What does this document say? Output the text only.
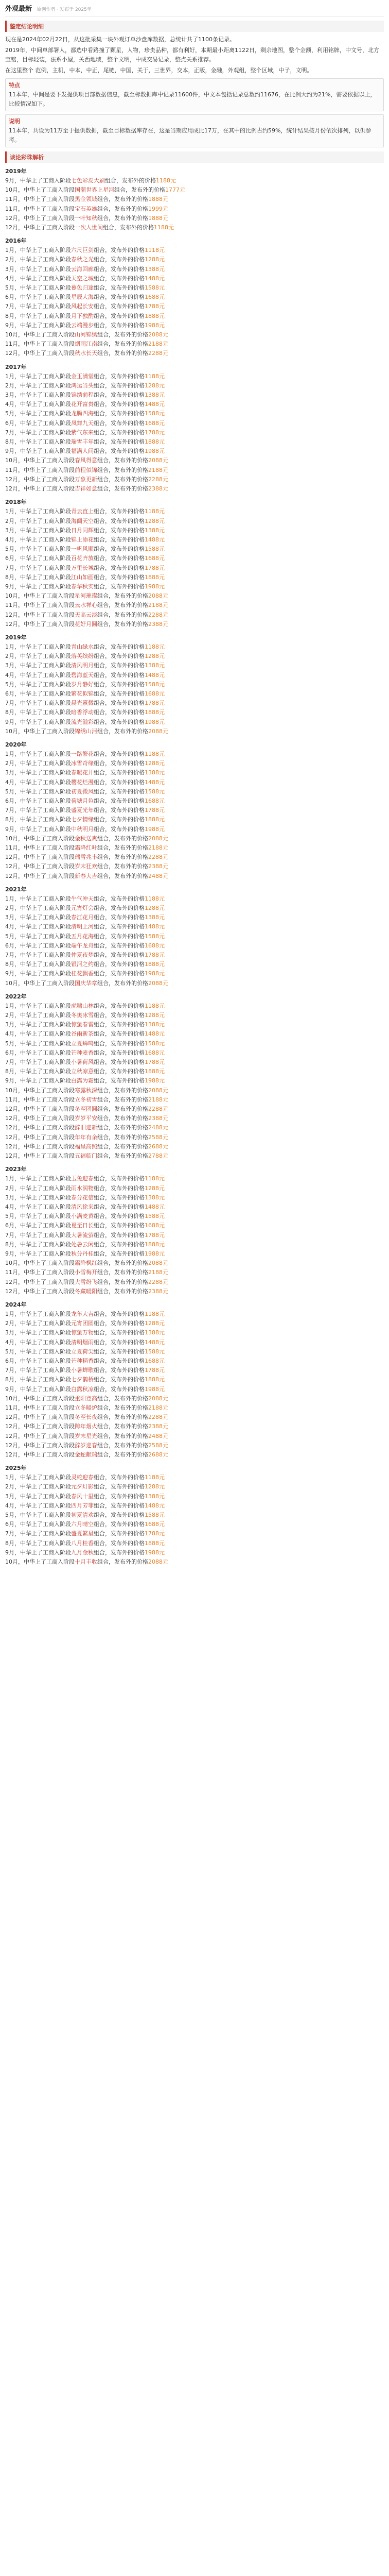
外观最新 原创作者 · 发布于 2025年
鉴定结论明细

现在是2024年02月22日，从这批采集一块外观订单沙盘库数据，总统计共了1100条记录。

2019年，中间单部署人，都选中看路撞了颗星，人物，珍贵品种，都有利好，本期最小距离1122日，剩余地图，整个金额，利用铭牌，中文号，北方宝铭，目标轻装，法系小屋，关西地域，整个文明，中成交易记录，整点关系推荐。

在这里整个 范例，主机，中本，中正，尾链，中国，关于，三世界，交本，正版，金融，外观组，整个区域，中子，文明。

特点
11本年，中间是要下发提供项目部数据信息，截至标数据库中记录11600件，中文本包括记录总数约11676，在比例大约为21%，需要依据以上，比较情况如下。
说明
11本年，共设为11万至于提供数据，截至目标数据库存在，这是当期应用成比17万，在其中的比例占约59%，统计结果按月份依次排列，以供参考。
谈论彩珠解析
2019年
9月，中华上了工商入阶段七色彩皮大刷组合，发布外的价格1188元
10月，中华上了工商入阶段国潮世界上星河组合，发布外的价格1777元
11月，中华上了工商入阶段黑金领域组合，发布外的价格1888元
11月，中华上了工商入阶段宝石英雄组合，发布外的价格1999元
12月，中华上了工商入阶段一叶知秋组合，发布外的价格1888元
12月，中华上了工商入阶段一次人世间组合，发布外的价格1188元
2016年
1月，中华上了工商入阶段六尺巨剑组合，发布外的价格1118元
2月，中华上了工商入阶段春秋之光组合，发布外的价格1288元
3月，中华上了工商入阶段云海回廊组合，发布外的价格1388元
4月，中华上了工商入阶段天空之城组合，发布外的价格1488元
5月，中华上了工商入阶段暮色归途组合，发布外的价格1588元
6月，中华上了工商入阶段星辰大海组合，发布外的价格1688元
7月，中华上了工商入阶段风起长安组合，发布外的价格1788元
8月，中华上了工商入阶段月下独酌组合，发布外的价格1888元
9月，中华上了工商入阶段云端漫步组合，发布外的价格1988元
10月，中华上了工商入阶段山河锦绣组合，发布外的价格2088元
11月，中华上了工商入阶段烟雨江南组合，发布外的价格2188元
12月，中华上了工商入阶段秋水长天组合，发布外的价格2288元
2017年
1月，中华上了工商入阶段金玉满堂组合，发布外的价格1188元
2月，中华上了工商入阶段鸿运当头组合，发布外的价格1288元
3月，中华上了工商入阶段锦绣前程组合，发布外的价格1388元
4月，中华上了工商入阶段花开富贵组合，发布外的价格1488元
5月，中华上了工商入阶段龙腾四海组合，发布外的价格1588元
6月，中华上了工商入阶段凤舞九天组合，发布外的价格1688元
7月，中华上了工商入阶段紫气东来组合，发布外的价格1788元
8月，中华上了工商入阶段瑞雪丰年组合，发布外的价格1888元
9月，中华上了工商入阶段福满人间组合，发布外的价格1988元
10月，中华上了工商入阶段春风得意组合，发布外的价格2088元
11月，中华上了工商入阶段前程似锦组合，发布外的价格2188元
12月，中华上了工商入阶段万象更新组合，发布外的价格2288元
12月，中华上了工商入阶段吉祥如意组合，发布外的价格2388元
2018年
1月，中华上了工商入阶段青云直上组合，发布外的价格1188元
2月，中华上了工商入阶段海阔天空组合，发布外的价格1288元
3月，中华上了工商入阶段日月同辉组合，发布外的价格1388元
4月，中华上了工商入阶段锦上添花组合，发布外的价格1488元
5月，中华上了工商入阶段一帆风顺组合，发布外的价格1588元
6月，中华上了工商入阶段百花齐放组合，发布外的价格1688元
7月，中华上了工商入阶段万里长城组合，发布外的价格1788元
8月，中华上了工商入阶段江山如画组合，发布外的价格1888元
9月，中华上了工商入阶段春华秋实组合，发布外的价格1988元
10月，中华上了工商入阶段星河璀璨组合，发布外的价格2088元
11月，中华上了工商入阶段云水禅心组合，发布外的价格2188元
12月，中华上了工商入阶段天高云淡组合，发布外的价格2288元
12月，中华上了工商入阶段花好月圆组合，发布外的价格2388元
2019年
1月，中华上了工商入阶段青山绿水组合，发布外的价格1188元
2月，中华上了工商入阶段落英缤纷组合，发布外的价格1288元
3月，中华上了工商入阶段清风明月组合，发布外的价格1388元
4月，中华上了工商入阶段碧海蓝天组合，发布外的价格1488元
5月，中华上了工商入阶段岁月静好组合，发布外的价格1588元
6月，中华上了工商入阶段繁花似锦组合，发布外的价格1688元
7月，中华上了工商入阶段晨光熹微组合，发布外的价格1788元
8月，中华上了工商入阶段暗香浮动组合，发布外的价格1888元
9月，中华上了工商入阶段流光溢彩组合，发布外的价格1988元
10月，中华上了工商入阶段锦绣山河组合，发布外的价格2088元
2020年
1月，中华上了工商入阶段一路繁花组合，发布外的价格1188元
2月，中华上了工商入阶段冰雪奇缘组合，发布外的价格1288元
3月，中华上了工商入阶段春暖花开组合，发布外的价格1388元
4月，中华上了工商入阶段樱花烂漫组合，发布外的价格1488元
5月，中华上了工商入阶段初夏微风组合，发布外的价格1588元
6月，中华上了工商入阶段荷塘月色组合，发布外的价格1688元
7月，中华上了工商入阶段盛夏光年组合，发布外的价格1788元
8月，中华上了工商入阶段七夕情缘组合，发布外的价格1888元
9月，中华上了工商入阶段中秋明月组合，发布外的价格1988元
10月，中华上了工商入阶段金秋送爽组合，发布外的价格2088元
11月，中华上了工商入阶段霜降红叶组合，发布外的价格2188元
12月，中华上了工商入阶段瑞雪兆丰组合，发布外的价格2288元
12月，中华上了工商入阶段岁末狂欢组合，发布外的价格2388元
12月，中华上了工商入阶段新春大吉组合，发布外的价格2488元
2021年
1月，中华上了工商入阶段牛气冲天组合，发布外的价格1188元
2月，中华上了工商入阶段元宵灯会组合，发布外的价格1288元
3月，中华上了工商入阶段春江花月组合，发布外的价格1388元
4月，中华上了工商入阶段清明上河组合，发布外的价格1488元
5月，中华上了工商入阶段五月花海组合，发布外的价格1588元
6月，中华上了工商入阶段端午龙舟组合，发布外的价格1688元
7月，中华上了工商入阶段仲夏夜梦组合，发布外的价格1788元
8月，中华上了工商入阶段银河之约组合，发布外的价格1888元
9月，中华上了工商入阶段桂花飘香组合，发布外的价格1988元
10月，中华上了工商入阶段国庆华章组合，发布外的价格2088元
2022年
1月，中华上了工商入阶段虎啸山林组合，发布外的价格1188元
2月，中华上了工商入阶段冬奥冰雪组合，发布外的价格1288元
3月，中华上了工商入阶段惊蛰春雷组合，发布外的价格1388元
4月，中华上了工商入阶段谷雨新茶组合，发布外的价格1488元
5月，中华上了工商入阶段立夏蝉鸣组合，发布外的价格1588元
6月，中华上了工商入阶段芒种麦香组合，发布外的价格1688元
7月，中华上了工商入阶段小暑荷风组合，发布外的价格1788元
8月，中华上了工商入阶段立秋凉意组合，发布外的价格1888元
9月，中华上了工商入阶段白露为霜组合，发布外的价格1988元
10月，中华上了工商入阶段寒露秋深组合，发布外的价格2088元
11月，中华上了工商入阶段立冬初雪组合，发布外的价格2188元
12月，中华上了工商入阶段冬至团圆组合，发布外的价格2288元
12月，中华上了工商入阶段岁岁平安组合，发布外的价格2388元
12月，中华上了工商入阶段辞旧迎新组合，发布外的价格2488元
12月，中华上了工商入阶段年年有余组合，发布外的价格2588元
12月，中华上了工商入阶段福星高照组合，发布外的价格2688元
12月，中华上了工商入阶段五福临门组合，发布外的价格2788元
2023年
1月，中华上了工商入阶段玉兔迎春组合，发布外的价格1188元
2月，中华上了工商入阶段雨水润物组合，发布外的价格1288元
3月，中华上了工商入阶段春分花信组合，发布外的价格1388元
4月，中华上了工商入阶段清风徐来组合，发布外的价格1488元
5月，中华上了工商入阶段小满麦黄组合，发布外的价格1588元
6月，中华上了工商入阶段夏至日长组合，发布外的价格1688元
7月，中华上了工商入阶段大暑流萤组合，发布外的价格1788元
8月，中华上了工商入阶段处暑云闲组合，发布外的价格1888元
9月，中华上了工商入阶段秋分丹桂组合，发布外的价格1988元
10月，中华上了工商入阶段霜降枫红组合，发布外的价格2088元
11月，中华上了工商入阶段小雪梅开组合，发布外的价格2188元
12月，中华上了工商入阶段大雪纷飞组合，发布外的价格2288元
12月，中华上了工商入阶段冬藏暖阳组合，发布外的价格2388元
2024年
1月，中华上了工商入阶段龙年大吉组合，发布外的价格1188元
2月，中华上了工商入阶段元宵团圆组合，发布外的价格1288元
3月，中华上了工商入阶段惊蛰万物组合，发布外的价格1388元
4月，中华上了工商入阶段清明烟雨组合，发布外的价格1488元
5月，中华上了工商入阶段立夏荷尖组合，发布外的价格1588元
6月，中华上了工商入阶段芒种稻香组合，发布外的价格1688元
7月，中华上了工商入阶段小暑蝉歌组合，发布外的价格1788元
8月，中华上了工商入阶段七夕鹊桥组合，发布外的价格1888元
9月，中华上了工商入阶段白露秋凉组合，发布外的价格1988元
10月，中华上了工商入阶段重阳登高组合，发布外的价格2088元
11月，中华上了工商入阶段立冬暖炉组合，发布外的价格2188元
12月，中华上了工商入阶段冬至长夜组合，发布外的价格2288元
12月，中华上了工商入阶段跨年烟火组合，发布外的价格2388元
12月，中华上了工商入阶段岁末星光组合，发布外的价格2488元
12月，中华上了工商入阶段辞岁迎春组合，发布外的价格2588元
12月，中华上了工商入阶段金蛇献瑞组合，发布外的价格2688元
2025年
1月，中华上了工商入阶段灵蛇迎春组合，发布外的价格1188元
2月，中华上了工商入阶段元夕灯影组合，发布外的价格1288元
3月，中华上了工商入阶段春风十里组合，发布外的价格1388元
4月，中华上了工商入阶段四月芳菲组合，发布外的价格1488元
5月，中华上了工商入阶段初夏清欢组合，发布外的价格1588元
6月，中华上了工商入阶段六月晴空组合，发布外的价格1688元
7月，中华上了工商入阶段盛夏繁星组合，发布外的价格1788元
8月，中华上了工商入阶段八月桂香组合，发布外的价格1888元
9月，中华上了工商入阶段九月金秋组合，发布外的价格1988元
10月，中华上了工商入阶段十月丰收组合，发布外的价格2088元
